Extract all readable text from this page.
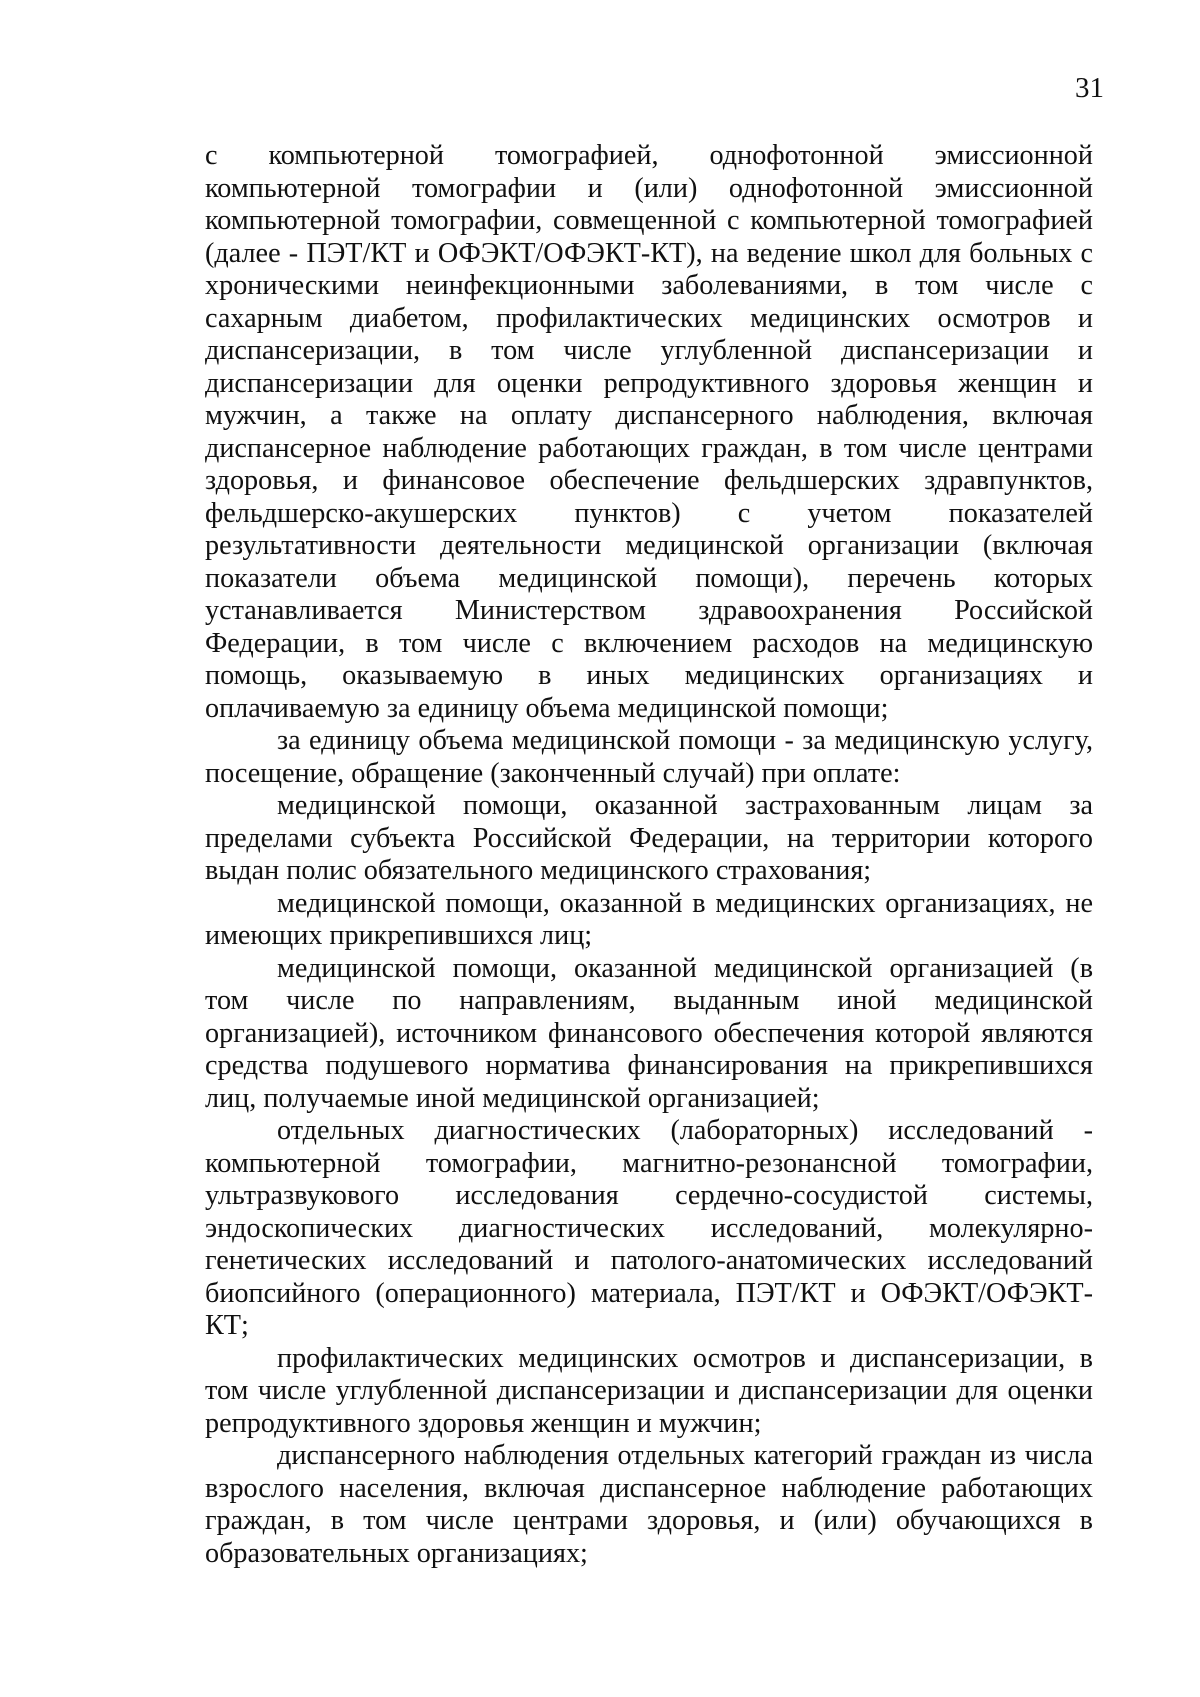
31

с компьютерной томографией, однофотонной эмиссионной компьютерной томографии и (или) однофотонной эмиссионной компьютерной томографии, совмещенной с компьютерной томографией (далее - ПЭТ/КТ и ОФЭКТ/ОФЭКТ-КТ), на ведение школ для больных с хроническими неинфекционными заболеваниями, в том числе с сахарным диабетом, профилактических медицинских осмотров и диспансеризации, в том числе углубленной диспансеризации и диспансеризации для оценки репродуктивного здоровья женщин и мужчин, а также на оплату диспансерного наблюдения, включая диспансерное наблюдение работающих граждан, в том числе центрами здоровья, и финансовое обеспечение фельдшерских здравпунктов, фельдшерско-акушерских пунктов) с учетом показателей результативности деятельности медицинской организации (включая показатели объема медицинской помощи), перечень которых устанавливается Министерством здравоохранения Российской Федерации, в том числе с включением расходов на медицинскую помощь, оказываемую в иных медицинских организациях и оплачиваемую за единицу объема медицинской помощи;

за единицу объема медицинской помощи - за медицинскую услугу, посещение, обращение (законченный случай) при оплате:

медицинской помощи, оказанной застрахованным лицам за пределами субъекта Российской Федерации, на территории которого выдан полис обязательного медицинского страхования;

медицинской помощи, оказанной в медицинских организациях, не имеющих прикрепившихся лиц;

медицинской помощи, оказанной медицинской организацией (в том числе по направлениям, выданным иной медицинской организацией), источником финансового обеспечения которой являются средства подушевого норматива финансирования на прикрепившихся лиц, получаемые иной медицинской организацией;

отдельных диагностических (лабораторных) исследований - компьютерной томографии, магнитно-резонансной томографии, ультразвукового исследования сердечно-сосудистой системы, эндоскопических диагностических исследований, молекулярно-генетических исследований и патолого-анатомических исследований биопсийного (операционного) материала, ПЭТ/КТ и ОФЭКТ/ОФЭКТ-КТ;

профилактических медицинских осмотров и диспансеризации, в том числе углубленной диспансеризации и диспансеризации для оценки репродуктивного здоровья женщин и мужчин;

диспансерного наблюдения отдельных категорий граждан из числа взрослого населения, включая диспансерное наблюдение работающих граждан, в том числе центрами здоровья, и (или) обучающихся в образовательных организациях;
